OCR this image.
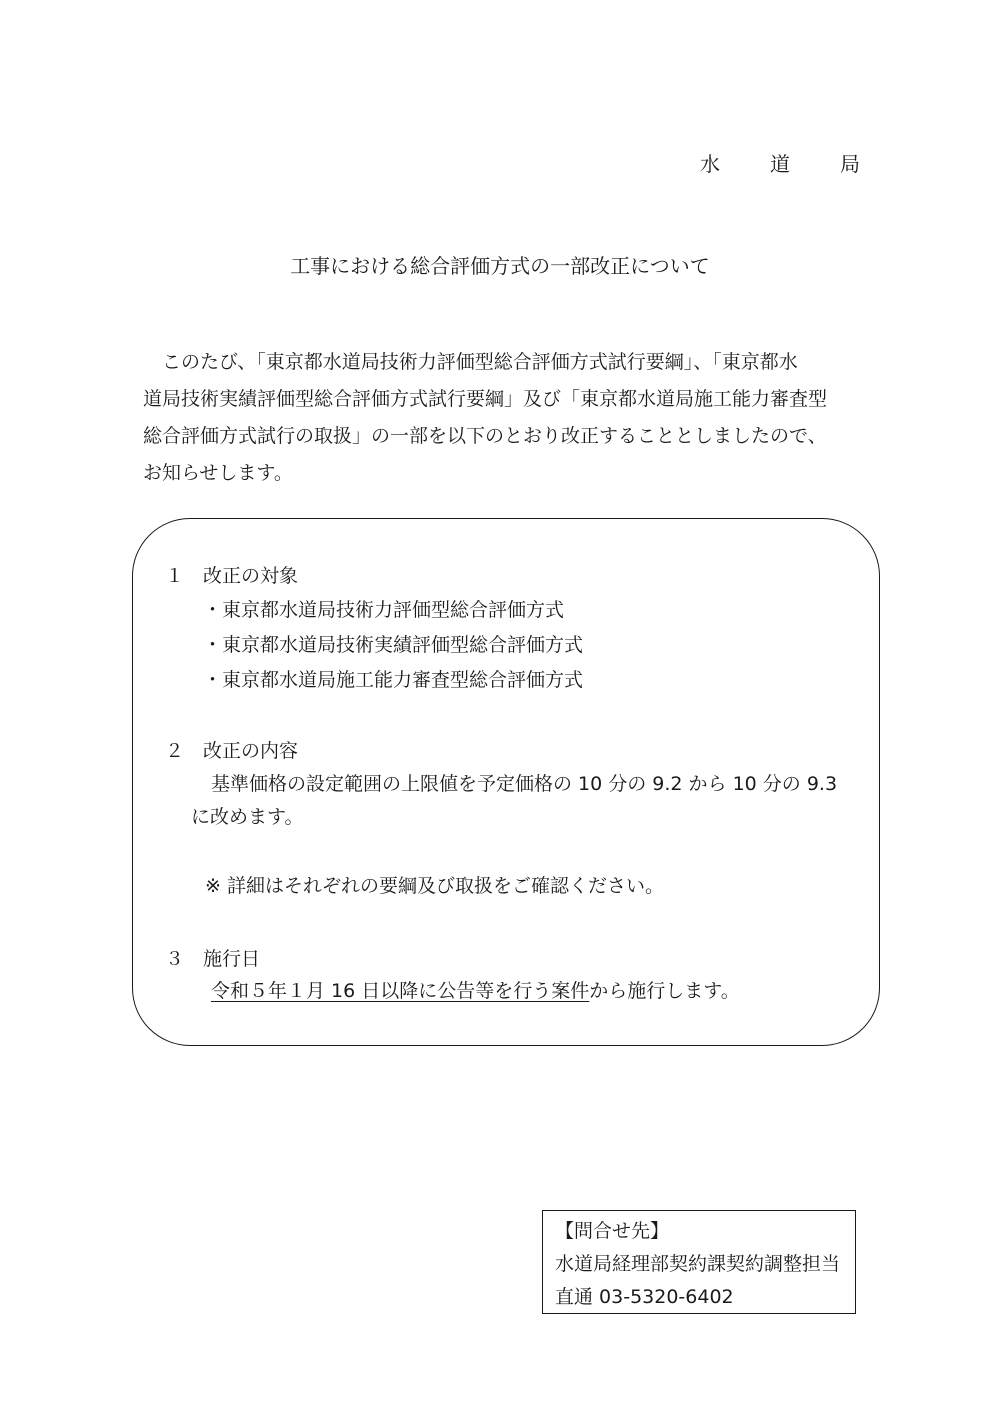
水	道	局
工事における総合評価方式の一部改正について

　このたび、「東京都水道局技術力評価型総合評価方式試行要綱」、「東京都水

道局技術実績評価型総合評価方式試行要綱」及び「東京都水道局施工能力審査型

総合評価方式試行の取扱」の一部を以下のとおり改正することとしましたので、

お知らせします。

１　改正の対象
・東京都水道局技術力評価型総合評価方式
・東京都水道局技術実績評価型総合評価方式
・東京都水道局施工能力審査型総合評価方式
２　改正の内容
基準価格の設定範囲の上限値を予定価格の 10 分の 9.2 から 10 分の 9.3
に改めます。
※ 詳細はそれぞれの要綱及び取扱をご確認ください。
３　施行日
令和５年１月 16 日以降に公告等を行う案件から施行します。
【問合せ先】
水道局経理部契約課契約調整担当
直通 03-5320-6402
